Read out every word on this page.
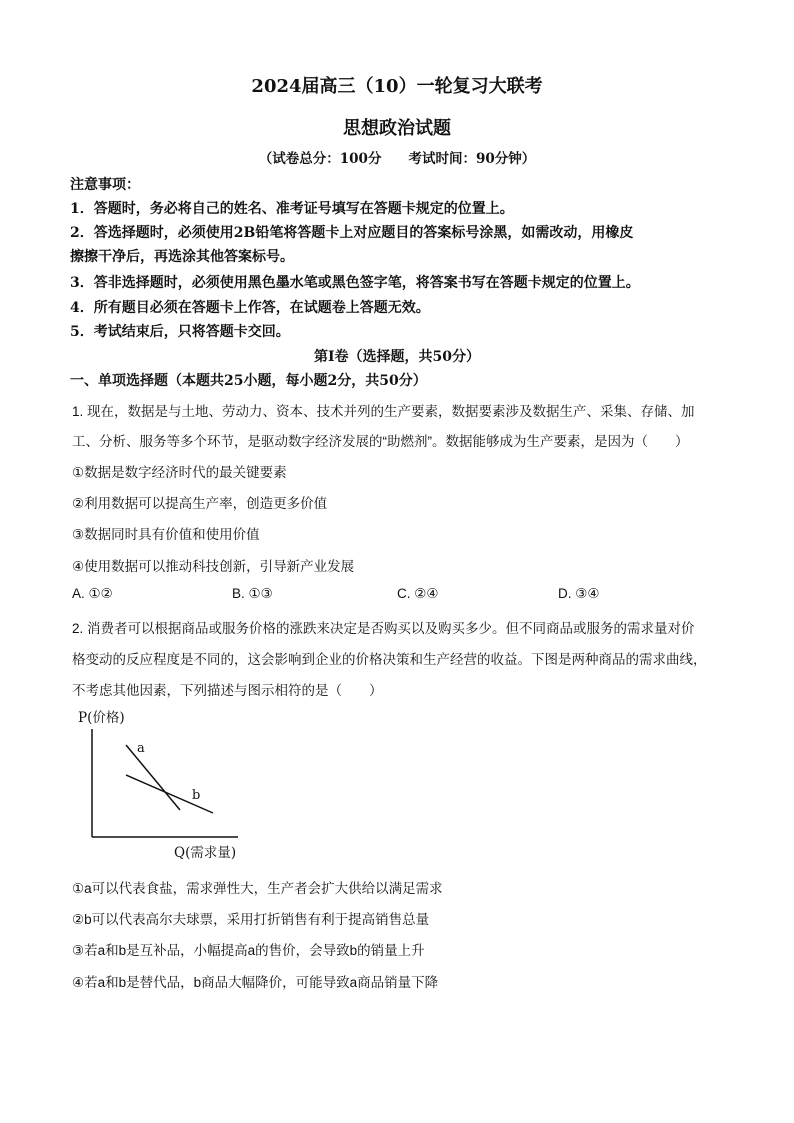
2024届高三（10）一轮复习大联考
思想政治试题
（试卷总分：100分　　考试时间：90分钟）
注意事项：
1．答题时，务必将自己的姓名、准考证号填写在答题卡规定的位置上。
2．答选择题时，必须使用2B铅笔将答题卡上对应题目的答案标号涂黑，如需改动，用橡皮
擦擦干净后，再选涂其他答案标号。
3．答非选择题时，必须使用黑色墨水笔或黑色签字笔，将答案书写在答题卡规定的位置上。
4．所有题目必须在答题卡上作答，在试题卷上答题无效。
5．考试结束后，只将答题卡交回。
第Ⅰ卷（选择题，共50分）
一、单项选择题（本题共25小题，每小题2分，共50分）
1. 现在，数据是与土地、劳动力、资本、技术并列的生产要素，数据要素涉及数据生产、采集、存储、加
工、分析、服务等多个环节，是驱动数字经济发展的“助燃剂”。数据能够成为生产要素，是因为（　　）
①数据是数字经济时代的最关键要素
②利用数据可以提高生产率，创造更多价值
③数据同时具有价值和使用价值
④使用数据可以推动科技创新，引导新产业发展
A. ①②	B. ①③	C. ②④	D. ③④
2. 消费者可以根据商品或服务价格的涨跌来决定是否购买以及购买多少。但不同商品或服务的需求量对价
格变动的反应程度是不同的，这会影响到企业的价格决策和生产经营的收益。下图是两种商品的需求曲线，
不考虑其他因素，下列描述与图示相符的是（　　）
P(价格)
a
b
Q(需求量)
①a可以代表食盐，需求弹性大，生产者会扩大供给以满足需求
②b可以代表高尔夫球票，采用打折销售有利于提高销售总量
③若a和b是互补品，小幅提高a的售价，会导致b的销量上升
④若a和b是替代品，b商品大幅降价，可能导致a商品销量下降
